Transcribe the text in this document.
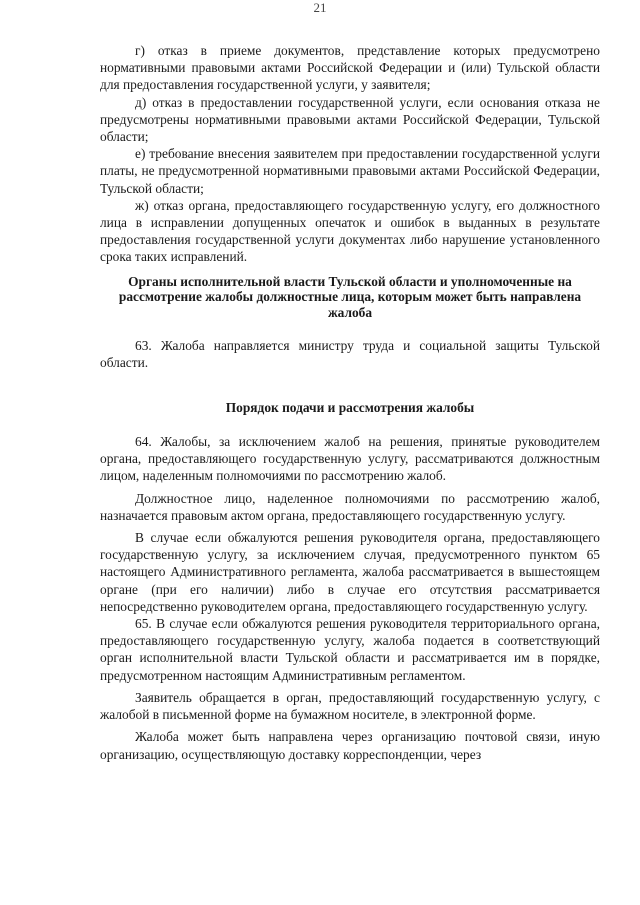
21

г) отказ в приеме документов, представление которых предусмотрено нормативными правовыми актами Российской Федерации и (или) Тульской области для предоставления государственной услуги, у заявителя;

д) отказ в предоставлении государственной услуги, если основания отказа не предусмотрены нормативными правовыми актами Российской Федерации, Тульской области;

е) требование внесения заявителем при предоставлении государственной услуги платы, не предусмотренной нормативными правовыми актами Российской Федерации, Тульской области;

ж) отказ органа, предоставляющего государственную услугу, его должностного лица в исправлении допущенных опечаток и ошибок в выданных в результате предоставления государственной услуги документах либо нарушение установленного срока таких исправлений.

Органы исполнительной власти Тульской области и уполномоченные на рассмотрение жалобы должностные лица, которым может быть направлена жалоба

63. Жалоба направляется министру труда и социальной защиты Тульской области.

Порядок подачи и рассмотрения жалобы

64. Жалобы, за исключением жалоб на решения, принятые руководителем органа, предоставляющего государственную услугу, рассматриваются должностным лицом, наделенным полномочиями по рассмотрению жалоб.

Должностное лицо, наделенное полномочиями по рассмотрению жалоб, назначается правовым актом органа, предоставляющего государственную услугу.

В случае если обжалуются решения руководителя органа, предоставляющего государственную услугу, за исключением случая, предусмотренного пунктом 65 настоящего Административного регламента, жалоба рассматривается в вышестоящем органе (при его наличии) либо в случае его отсутствия рассматривается непосредственно руководителем органа, предоставляющего государственную услугу.

65. В случае если обжалуются решения руководителя территориального органа, предоставляющего государственную услугу, жалоба подается в соответствующий орган исполнительной власти Тульской области и рассматривается им в порядке, предусмотренном настоящим Административным регламентом.

Заявитель обращается в орган, предоставляющий государственную услугу, с жалобой в письменной форме на бумажном носителе, в электронной форме.

Жалоба может быть направлена через организацию почтовой связи, иную организацию, осуществляющую доставку корреспонденции, через
